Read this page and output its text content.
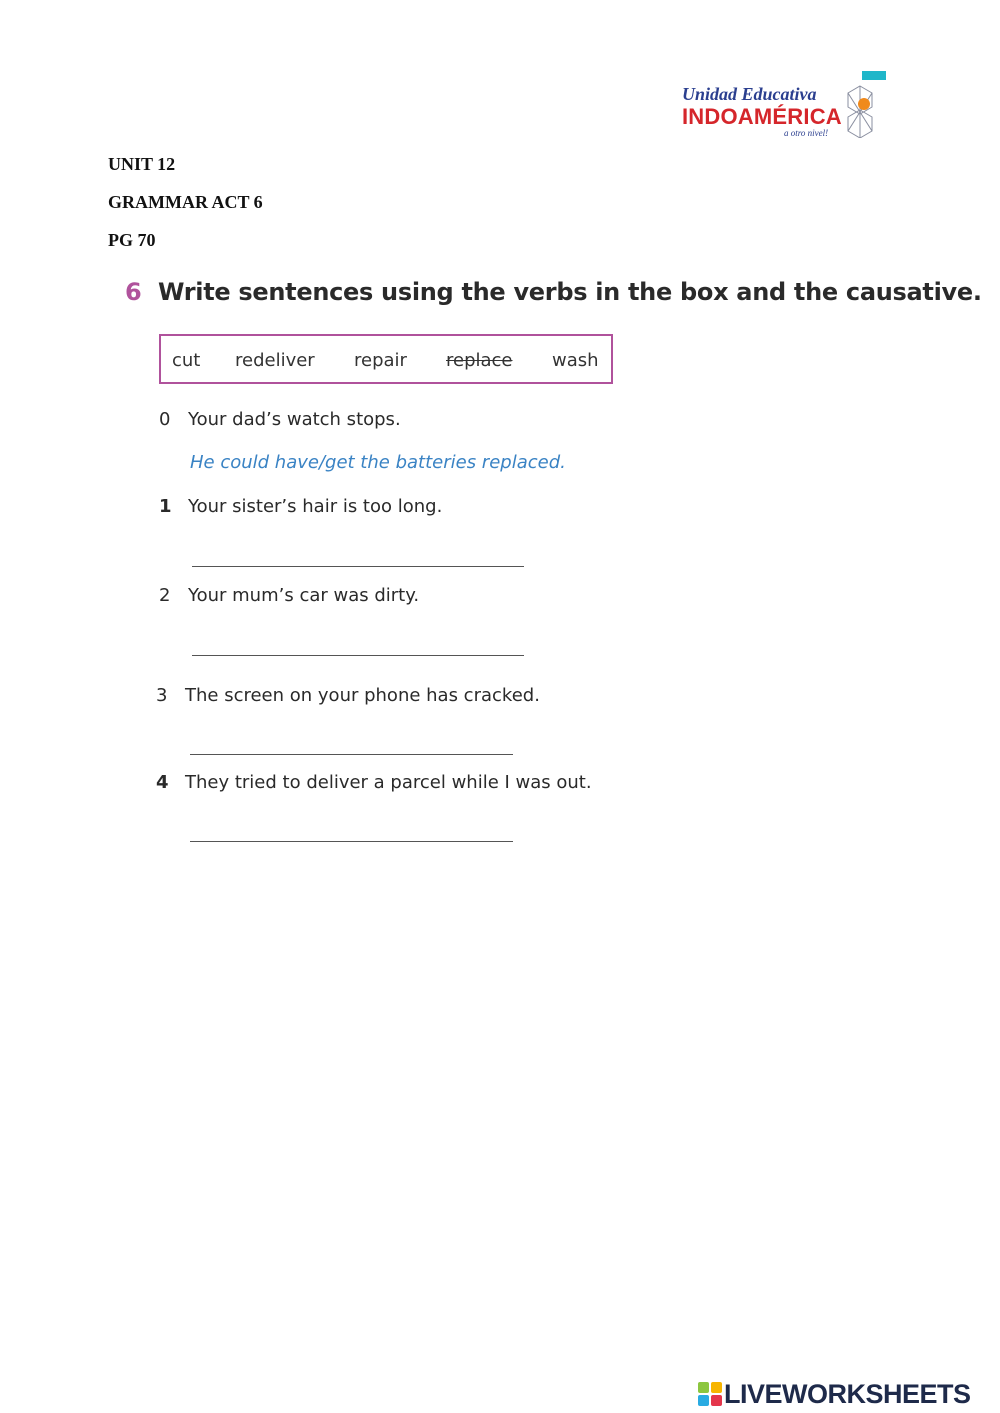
Unidad Educativa
INDOAMÉRICA
a otro nivel!
UNIT 12
GRAMMAR ACT 6
PG 70
6 Write sentences using the verbs in the box and the causative.
cut redeliver repair replace wash
0 Your dad’s watch stops.
He could have/get the batteries replaced.
1 Your sister’s hair is too long.
2 Your mum’s car was dirty.
3 The screen on your phone has cracked.
4 They tried to deliver a parcel while I was out.
LIVEWORKSHEETS
